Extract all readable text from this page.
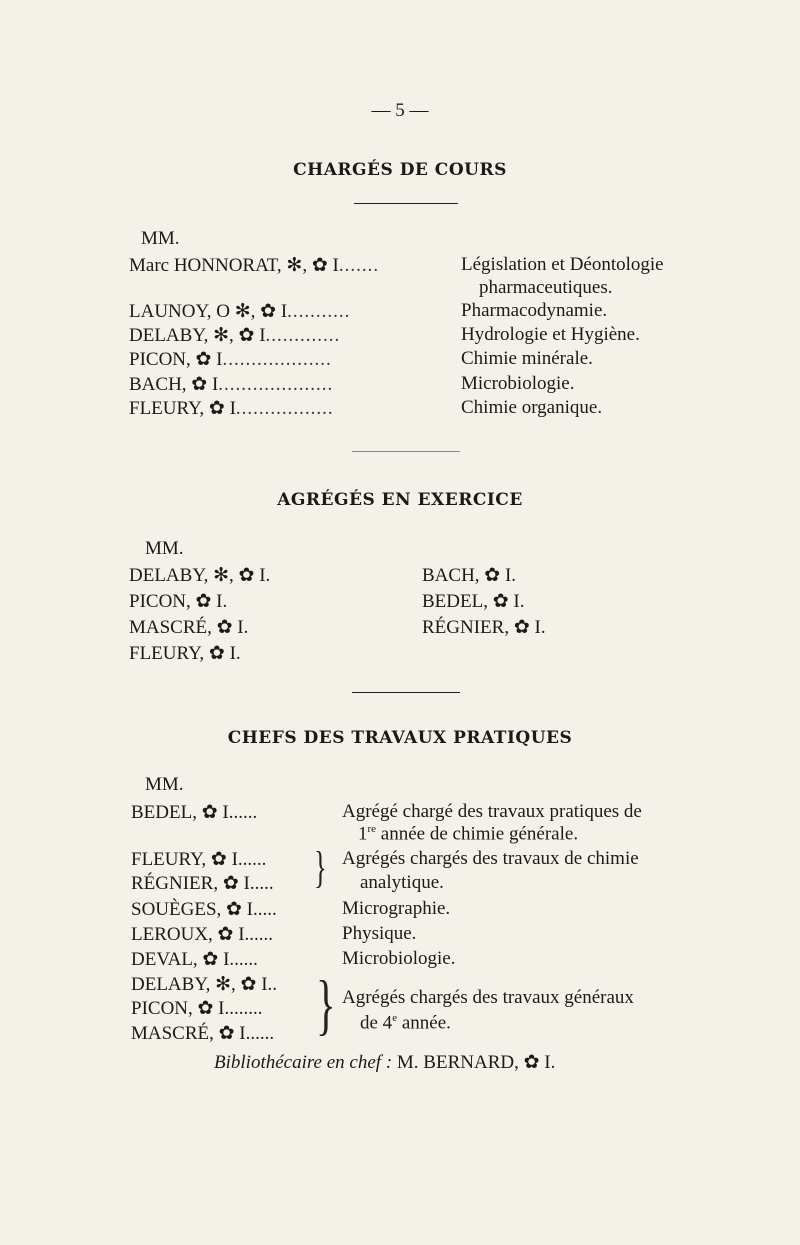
— 5 —
CHARGÉS DE COURS
MM.
Marc HONNORAT, ✻, ✿ I.......	Législation et Déontologie
pharmaceutiques.
LAUNOY, O ✻, ✿ I...........	Pharmacodynamie.
DELABY, ✻, ✿ I.............	Hydrologie et Hygiène.
PICON, ✿ I...................	Chimie minérale.
BACH, ✿ I....................	Microbiologie.
FLEURY, ✿ I.................	Chimie organique.
AGRÉGÉS EN EXERCICE
MM.
DELABY, ✻, ✿ I.
PICON, ✿ I.
MASCRÉ, ✿ I.
FLEURY, ✿ I.
BACH, ✿ I.
BEDEL, ✿ I.
RÉGNIER, ✿ I.
CHEFS DES TRAVAUX PRATIQUES
MM.
BEDEL, ✿ I......	Agrégé chargé des travaux pratiques de
1re année de chimie générale.
FLEURY, ✿ I......
RÉGNIER, ✿ I..... } Agrégés chargés des travaux de chimie
analytique.
SOUÈGES, ✿ I.....	Micrographie.
LEROUX, ✿ I......	Physique.
DEVAL, ✿ I......	Microbiologie.
DELABY, ✻, ✿ I..
PICON, ✿ I........
MASCRÉ, ✿ I...... } Agrégés chargés des travaux généraux
de 4e année.
Bibliothécaire en chef : M. BERNARD, ✿ I.
